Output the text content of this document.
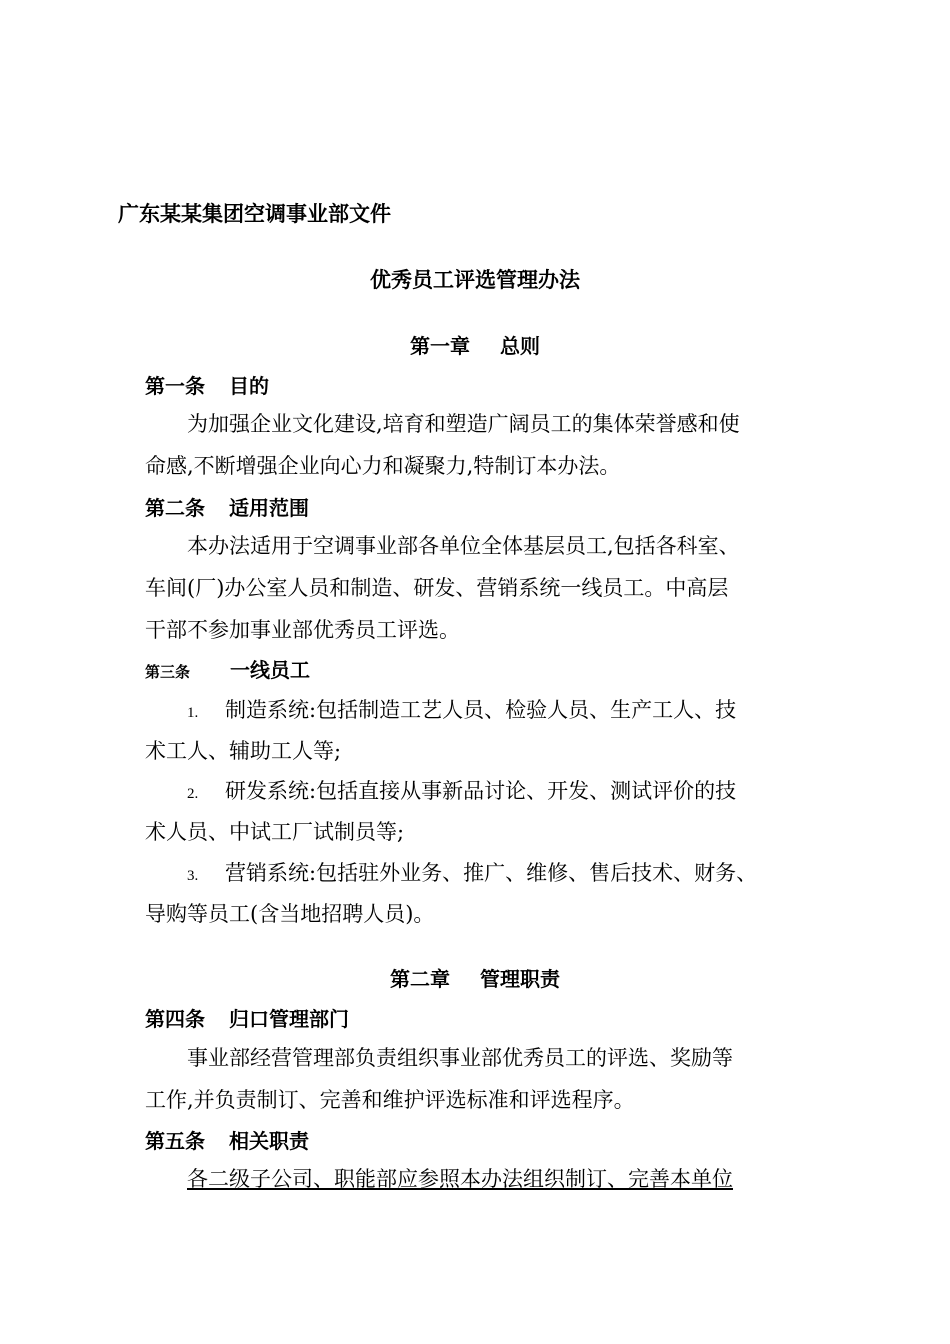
广东某某集团空调事业部文件
优秀员工评选管理办法
第一章 总则
第一条 目的
为加强企业文化建设,培育和塑造广阔员工的集体荣誉感和使
命感,不断增强企业向心力和凝聚力,特制订本办法。
第二条 适用范围
本办法适用于空调事业部各单位全体基层员工,包括各科室、
车间(厂)办公室人员和制造、研发、营销系统一线员工。中高层
干部不参加事业部优秀员工评选。
第三条 一线员工
1. 制造系统:包括制造工艺人员、检验人员、生产工人、技
术工人、辅助工人等;
2. 研发系统:包括直接从事新品讨论、开发、测试评价的技
术人员、中试工厂试制员等;
3. 营销系统:包括驻外业务、推广、维修、售后技术、财务、
导购等员工(含当地招聘人员)。
第二章 管理职责
第四条 归口管理部门
事业部经营管理部负责组织事业部优秀员工的评选、奖励等
工作,并负责制订、完善和维护评选标准和评选程序。
第五条 相关职责
各二级子公司、职能部应参照本办法组织制订、完善本单位
